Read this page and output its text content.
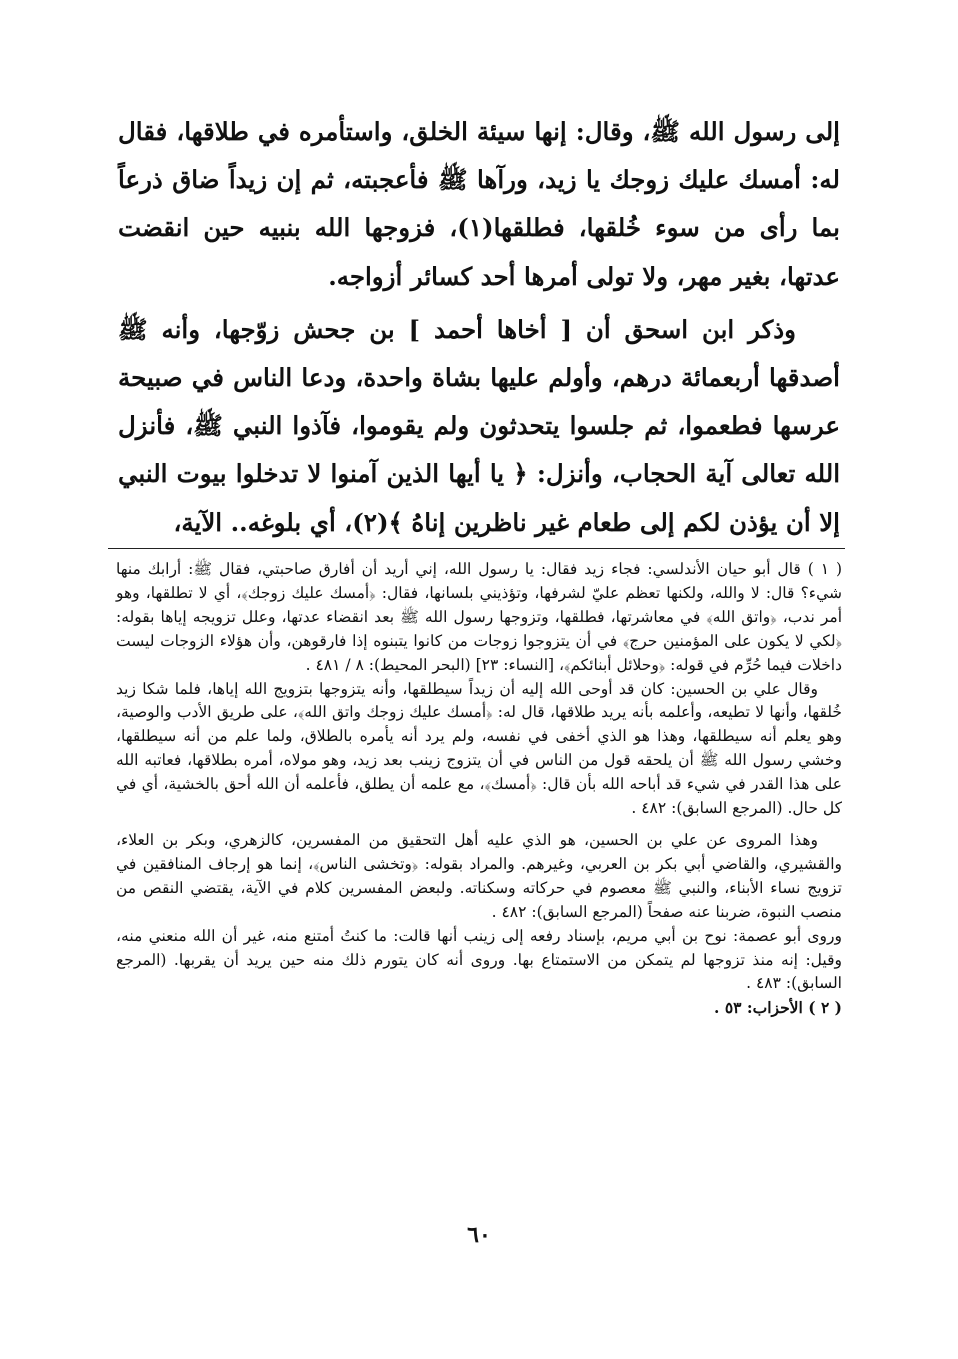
إلى رسول الله ﷺ، وقال: إنها سيئة الخلق، واستأمره في طلاقها، فقال له: أمسك عليك زوجك يا زيد، ورآها ﷺ فأعجبته، ثم إن زيداً ضاق ذرعاً بما رأى من سوء خُلقها، فطلقها(١)، فزوجها الله بنبيه حين انقضت عدتها، بغير مهر، ولا تولى أمرها أحد كسائر أزواجه.

وذكر ابن اسحق أن [ أخاها أحمد ] بن جحش زوّجها، وأنه ﷺ أصدقها أربعمائة درهم، وأولم عليها بشاة واحدة، ودعا الناس في صبيحة عرسها فطعموا، ثم جلسوا يتحدثون ولم يقوموا، فآذوا النبي ﷺ، فأنزل الله تعالى آية الحجاب، وأنزل: ﴿ يا أيها الذين آمنوا لا تدخلوا بيوت النبي إلا أن يؤذن لكم إلى طعام غير ناظرين إناهُ ﴾(٢)، أي بلوغه.. الآية،

( ١ ) قال أبو حيان الأندلسي: فجاء زيد فقال: يا رسول الله، إني أريد أن أفارق صاحبتي، فقال ﷺ: أرابك منها شيء؟ قال: لا والله، ولكنها تعظم عليّ لشرفها، وتؤذيني بلسانها، فقال: ﴿أمسك عليك زوجك﴾، أي لا تطلقها، وهو أمر ندب، ﴿واتق الله﴾ في معاشرتها، فطلقها، وتزوجها رسول الله ﷺ بعد انقضاء عدتها، وعلل تزويجه إياها بقوله: ﴿لكي لا يكون على المؤمنين حرج﴾ في أن يتزوجوا زوجات من كانوا يتبنوه إذا فارقوهن، وأن هؤلاء الزوجات ليست داخلات فيما حُرِّم في قوله: ﴿وحلائل أبنائكم﴾، [النساء: ٢٣] (البحر المحيط): ٨ / ٤٨١ .

وقال علي بن الحسين: كان قد أوحى الله إليه أن زيداً سيطلقها، وأنه يتزوجها بتزويج الله إياها، فلما شكا زيد خُلقها، وأنها لا تطيعه، وأعلمه بأنه يريد طلاقها، قال له: ﴿أمسك عليك زوجك واتق الله﴾، على طريق الأدب والوصية، وهو يعلم أنه سيطلقها، وهذا هو الذي أخفى في نفسه، ولم يرد أنه يأمره بالطلاق، ولما علم من أنه سيطلقها، وخشي رسول الله ﷺ أن يلحقه قول من الناس في أن يتزوج زينب بعد زيد، وهو مولاه، أمره بطلاقها، فعاتبه الله على هذا القدر في شيء قد أباحه الله بأن قال: ﴿أمسك﴾، مع علمه أن يطلق، فأعلمه أن الله أحق بالخشية، أي في كل حال. (المرجع السابق): ٤٨٢ .

وهذا المروى عن علي بن الحسين، هو الذي عليه أهل التحقيق من المفسرين، كالزهري، وبكر بن العلاء، والقشيري، والقاضي أبي بكر بن العربي، وغيرهم. والمراد بقوله: ﴿وتخشى الناس﴾، إنما هو إرجاف المنافقين في تزويج نساء الأبناء، والنبي ﷺ معصوم في حركاته وسكناته. ولبعض المفسرين كلام في الآية، يقتضي النقص من منصب النبوة، ضربنا عنه صفحاً (المرجع السابق): ٤٨٢ .

وروى أبو عصمة: نوح بن أبي مريم، بإسناد رفعه إلى زينب أنها قالت: ما كنتُ أمتنع منه، غير أن الله منعني منه، وقيل: إنه منذ تزوجها لم يتمكن من الاستمتاع بها. وروى أنه كان يتورم ذلك منه حين يريد أن يقربها. (المرجع السابق): ٤٨٣ .

( ٢ ) الأحزاب: ٥٣ .

٦٠
